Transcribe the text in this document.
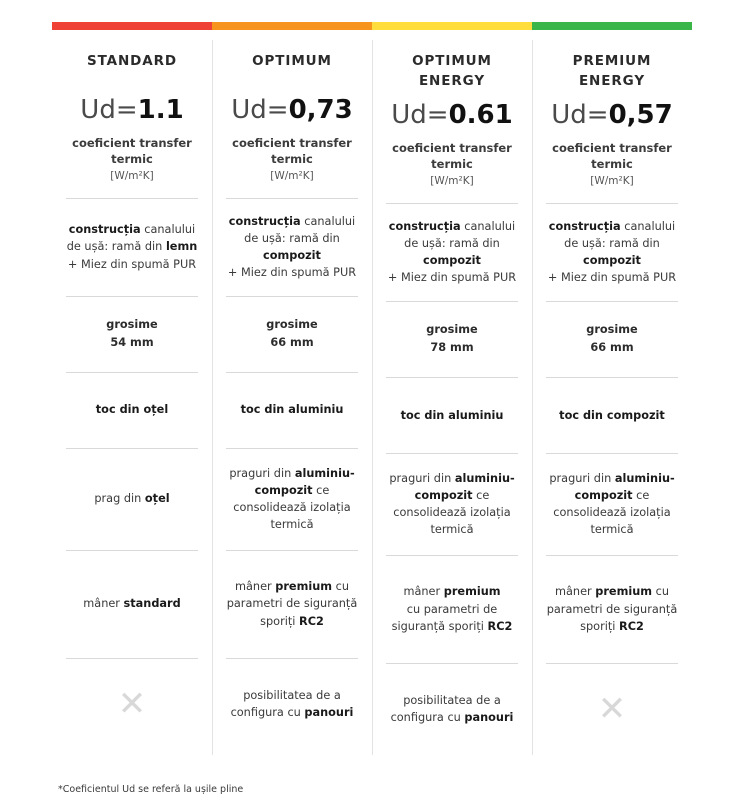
STANDARD
Ud=1.1
coeficient transfer termic
[W/m²K]
construcția canalului de ușă: ramă din lemn
+ Miez din spumă PUR
grosime
54 mm
toc din oțel
prag din oțel
mâner standard
✕
OPTIMUM
Ud=0,73
coeficient transfer termic
[W/m²K]
construcția canalului de ușă: ramă din compozit
+ Miez din spumă PUR
grosime
66 mm
toc din aluminiu
praguri din aluminiu-compozit ce consolidează izolația termică
mâner premium cu parametri de siguranță sporiți RC2
posibilitatea de a configura cu panouri
OPTIMUM ENERGY
Ud=0.61
coeficient transfer termic
[W/m²K]
construcția canalului de ușă: ramă din compozit
+ Miez din spumă PUR
grosime
78 mm
toc din aluminiu
praguri din aluminiu-compozit ce consolidează izolația termică
mâner premium
cu parametri de siguranță sporiți RC2
posibilitatea de a configura cu panouri
PREMIUM ENERGY
Ud=0,57
coeficient transfer termic
[W/m²K]
construcția canalului de ușă: ramă din compozit
+ Miez din spumă PUR
grosime
66 mm
toc din compozit
praguri din aluminiu-compozit ce consolidează izolația termică
mâner premium cu parametri de siguranță sporiți RC2
✕
*Coeficientul Ud se referă la ușile pline
